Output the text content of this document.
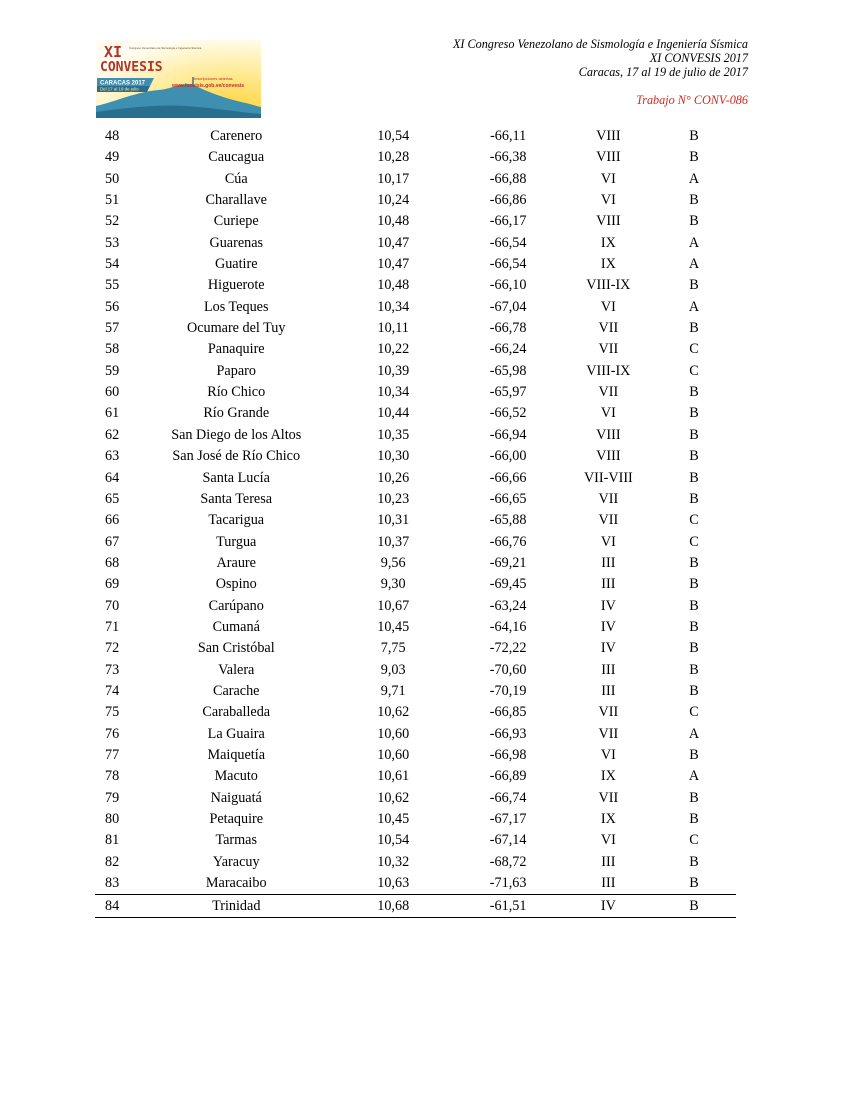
CARACAS 2017
Del 17 al 19 de julio
XI
CONVESIS
Congreso Venezolano de Sismología e Ingeniería Sísmica
Inscripciones abiertas
www.funvisis.gob.ve/convesis
XI Congreso Venezolano de Sismología e Ingeniería Sísmica
XI CONVESIS 2017
Caracas, 17 al 19 de julio de 2017
Trabajo N° CONV-086
48	Carenero	10,54	-66,11	VIII	B
49	Caucagua	10,28	-66,38	VIII	B
50	Cúa	10,17	-66,88	VI	A
51	Charallave	10,24	-66,86	VI	B
52	Curiepe	10,48	-66,17	VIII	B
53	Guarenas	10,47	-66,54	IX	A
54	Guatire	10,47	-66,54	IX	A
55	Higuerote	10,48	-66,10	VIII-IX	B
56	Los Teques	10,34	-67,04	VI	A
57	Ocumare del Tuy	10,11	-66,78	VII	B
58	Panaquire	10,22	-66,24	VII	C
59	Paparo	10,39	-65,98	VIII-IX	C
60	Río Chico	10,34	-65,97	VII	B
61	Río Grande	10,44	-66,52	VI	B
62	San Diego de los Altos	10,35	-66,94	VIII	B
63	San José de Río Chico	10,30	-66,00	VIII	B
64	Santa Lucía	10,26	-66,66	VII-VIII	B
65	Santa Teresa	10,23	-66,65	VII	B
66	Tacarigua	10,31	-65,88	VII	C
67	Turgua	10,37	-66,76	VI	C
68	Araure	9,56	-69,21	III	B
69	Ospino	9,30	-69,45	III	B
70	Carúpano	10,67	-63,24	IV	B
71	Cumaná	10,45	-64,16	IV	B
72	San Cristóbal	7,75	-72,22	IV	B
73	Valera	9,03	-70,60	III	B
74	Carache	9,71	-70,19	III	B
75	Caraballeda	10,62	-66,85	VII	C
76	La Guaira	10,60	-66,93	VII	A
77	Maiquetía	10,60	-66,98	VI	B
78	Macuto	10,61	-66,89	IX	A
79	Naiguatá	10,62	-66,74	VII	B
80	Petaquire	10,45	-67,17	IX	B
81	Tarmas	10,54	-67,14	VI	C
82	Yaracuy	10,32	-68,72	III	B
83	Maracaibo	10,63	-71,63	III	B
84	Trinidad	10,68	-61,51	IV	B
